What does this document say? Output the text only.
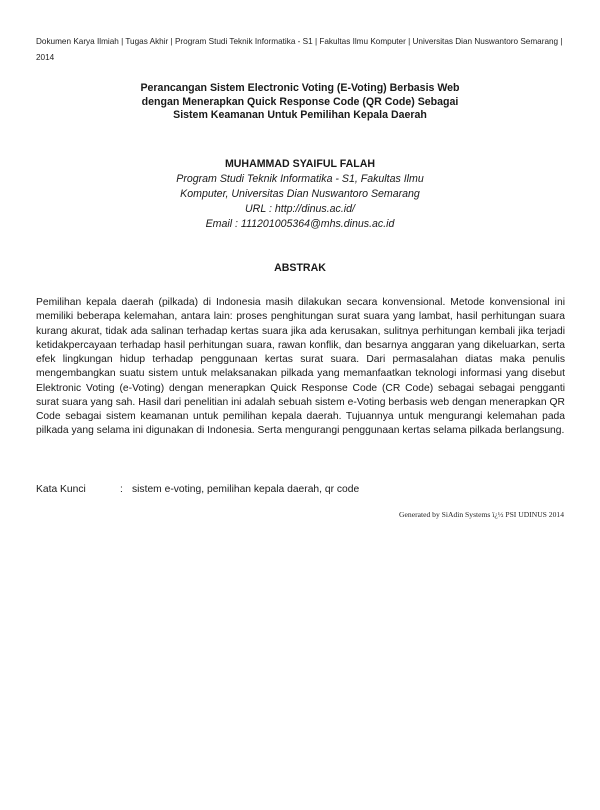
Dokumen Karya Ilmiah | Tugas Akhir | Program Studi Teknik Informatika - S1 | Fakultas Ilmu Komputer | Universitas Dian Nuswantoro Semarang | 2014
Perancangan Sistem Electronic Voting (E-Voting) Berbasis Web
dengan Menerapkan Quick Response Code (QR Code) Sebagai
Sistem Keamanan Untuk Pemilihan Kepala Daerah
MUHAMMAD SYAIFUL FALAH
Program Studi Teknik Informatika - S1, Fakultas Ilmu
Komputer, Universitas Dian Nuswantoro Semarang
URL : http://dinus.ac.id/
Email : 111201005364@mhs.dinus.ac.id
ABSTRAK

Pemilihan kepala daerah (pilkada) di Indonesia masih dilakukan secara konvensional. Metode konvensional ini memiliki beberapa kelemahan, antara lain: proses penghitungan surat suara yang lambat, hasil perhitungan suara kurang akurat, tidak ada salinan terhadap kertas suara jika ada kerusakan, sulitnya perhitungan kembali jika terjadi ketidakpercayaan terhadap hasil perhitungan suara, rawan konflik, dan besarnya anggaran yang dikeluarkan, serta efek lingkungan hidup terhadap penggunaan kertas surat suara. Dari permasalahan diatas maka penulis mengembangkan suatu sistem untuk melaksanakan pilkada yang memanfaatkan teknologi informasi yang disebut Elektronic Voting (e-Voting) dengan menerapkan Quick Response Code (CR Code) sebagai sebagai pengganti surat suara yang sah. Hasil dari penelitian ini adalah sebuah sistem e-Voting berbasis web dengan menerapkan QR Code sebagai sistem keamanan untuk pemilihan kepala daerah. Tujuannya untuk mengurangi kelemahan pada pilkada yang selama ini digunakan di Indonesia. Serta mengurangi penggunaan kertas selama pilkada berlangsung.

Kata Kunci	: sistem e-voting, pemilihan kepala daerah, qr code
Generated by SiAdin Systems ï¿½ PSI UDINUS 2014
